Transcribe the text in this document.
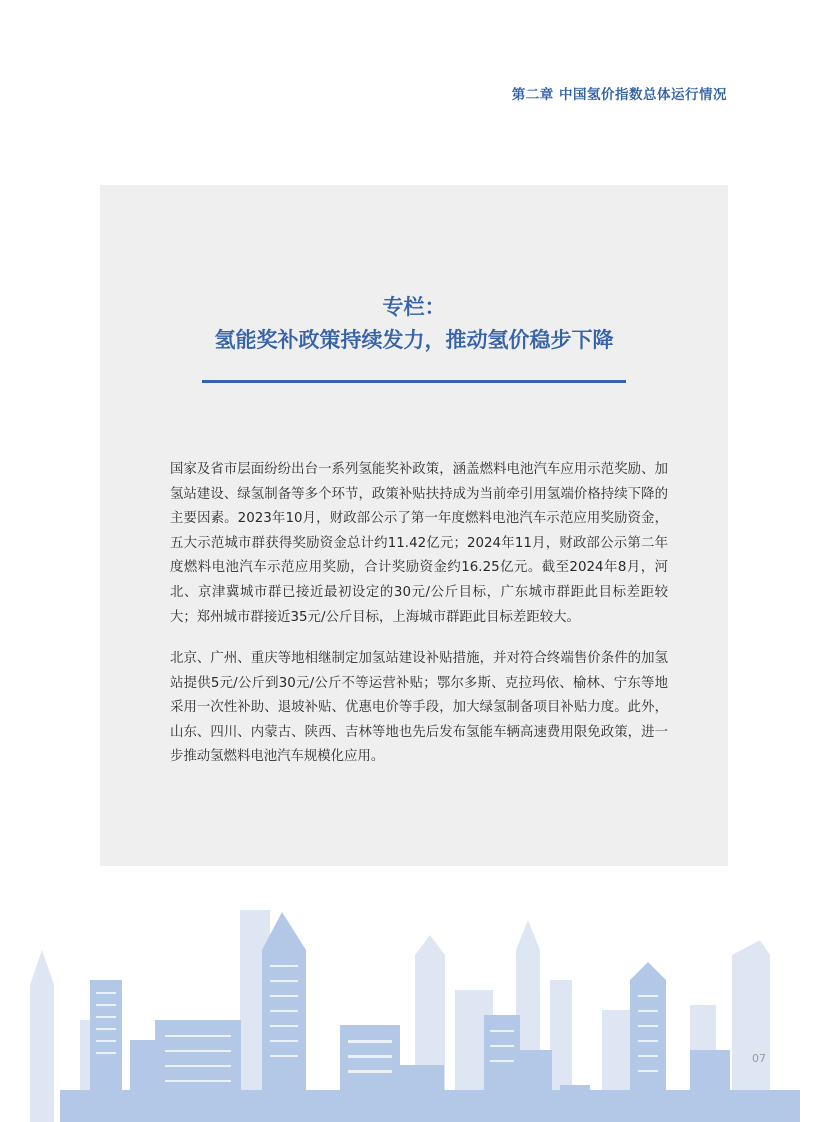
第二章 中国氢价指数总体运行情况
专栏：
氢能奖补政策持续发力，推动氢价稳步下降

国家及省市层面纷纷出台一系列氢能奖补政策，涵盖燃料电池汽车应用示范奖励、加氢站建设、绿氢制备等多个环节，政策补贴扶持成为当前牵引用氢端价格持续下降的主要因素。2023年10月，财政部公示了第一年度燃料电池汽车示范应用奖励资金，五大示范城市群获得奖励资金总计约11.42亿元；2024年11月，财政部公示第二年度燃料电池汽车示范应用奖励，合计奖励资金约16.25亿元。截至2024年8月，河北、京津冀城市群已接近最初设定的30元/公斤目标，广东城市群距此目标差距较大；郑州城市群接近35元/公斤目标，上海城市群距此目标差距较大。

北京、广州、重庆等地相继制定加氢站建设补贴措施，并对符合终端售价条件的加氢站提供5元/公斤到30元/公斤不等运营补贴；鄂尔多斯、克拉玛依、榆林、宁东等地采用一次性补助、退坡补贴、优惠电价等手段，加大绿氢制备项目补贴力度。此外，山东、四川、内蒙古、陕西、吉林等地也先后发布氢能车辆高速费用限免政策，进一步推动氢燃料电池汽车规模化应用。

07
